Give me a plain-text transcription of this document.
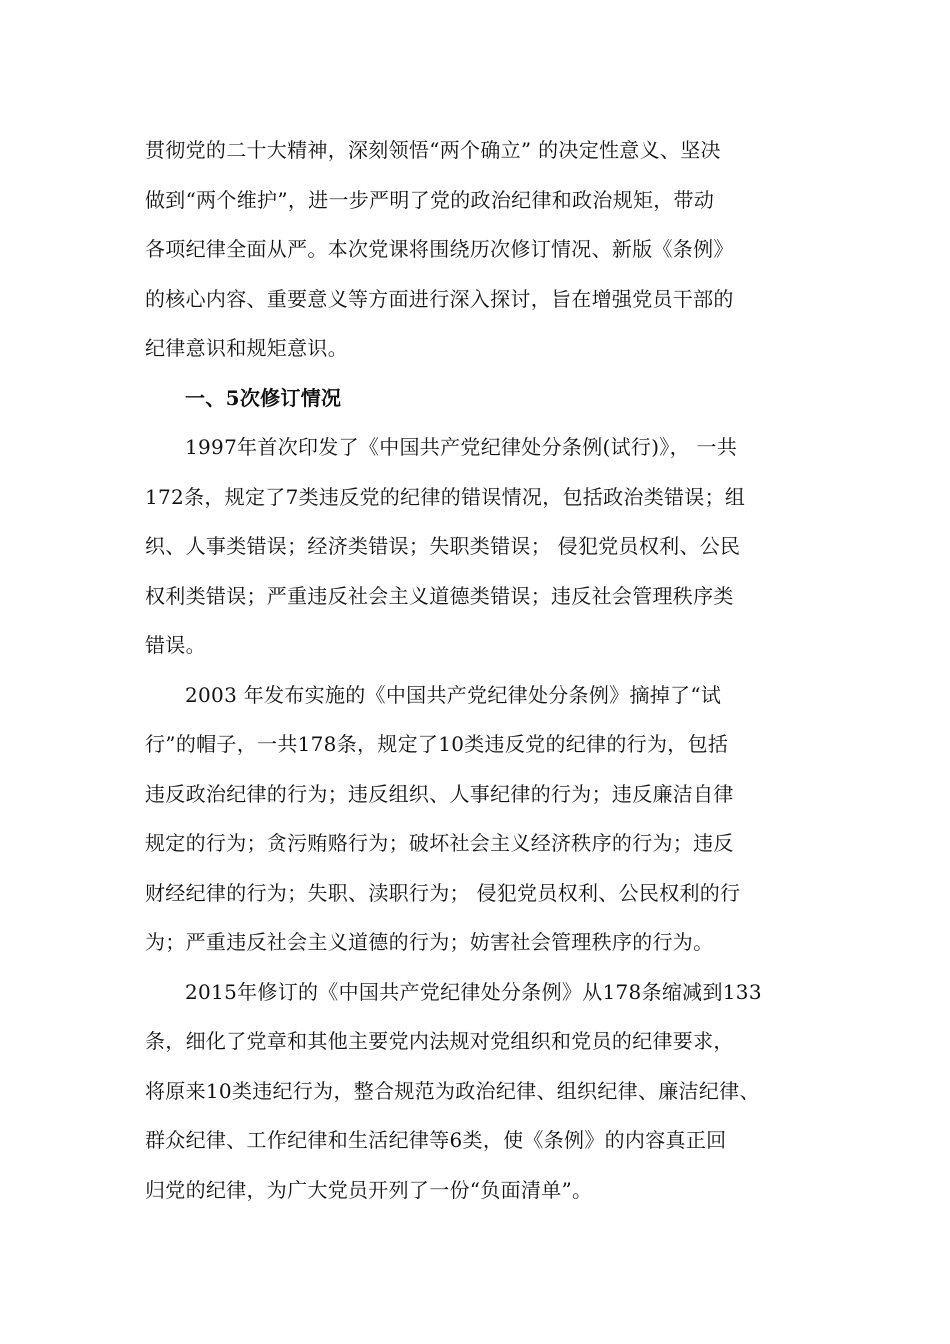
贯彻党的二十大精神，深刻领悟“两个确立” 的决定性意义、坚决
做到“两个维护”，进一步严明了党的政治纪律和政治规矩，带动
各项纪律全面从严。本次党课将围绕历次修订情况、新版《条例》
的核心内容、重要意义等方面进行深入探讨，旨在增强党员干部的
纪律意识和规矩意识。
一、5次修订情况
1997年首次印发了《中国共产党纪律处分条例(试行)》， 一共
172条，规定了7类违反党的纪律的错误情况，包括政治类错误；组
织、人事类错误；经济类错误；失职类错误； 侵犯党员权利、公民
权利类错误；严重违反社会主义道德类错误；违反社会管理秩序类
错误。
2003 年发布实施的《中国共产党纪律处分条例》摘掉了“试
行”的帽子，一共178条，规定了10类违反党的纪律的行为，包括
违反政治纪律的行为；违反组织、人事纪律的行为；违反廉洁自律
规定的行为；贪污贿赂行为；破坏社会主义经济秩序的行为；违反
财经纪律的行为；失职、渎职行为； 侵犯党员权利、公民权利的行
为；严重违反社会主义道德的行为；妨害社会管理秩序的行为。
2015年修订的《中国共产党纪律处分条例》从178条缩减到133
条，细化了党章和其他主要党内法规对党组织和党员的纪律要求，
将原来10类违纪行为，整合规范为政治纪律、组织纪律、廉洁纪律、
群众纪律、工作纪律和生活纪律等6类，使《条例》的内容真正回
归党的纪律，为广大党员开列了一份“负面清单”。
